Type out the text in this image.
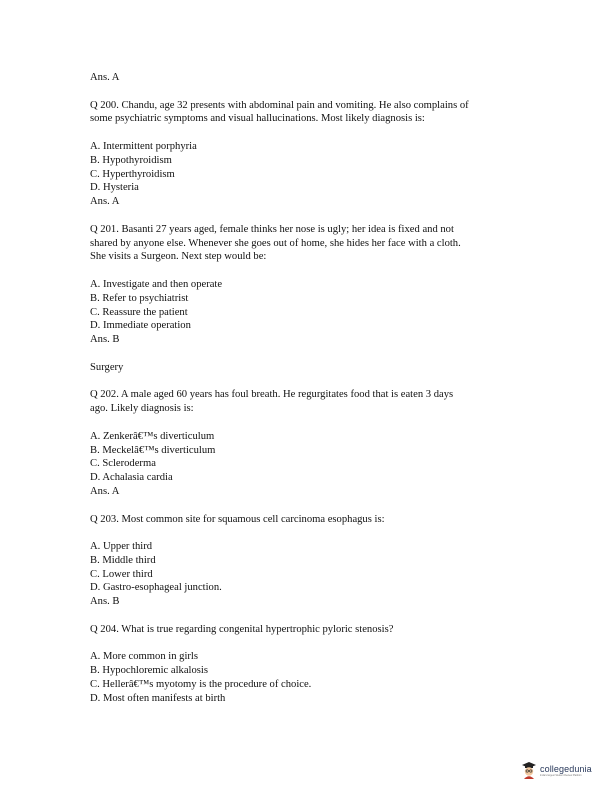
Ans. A
Q 200. Chandu, age 32 presents with abdominal pain and vomiting. He also complains of
some psychiatric symptoms and visual hallucinations. Most likely diagnosis is:
A. Intermittent porphyria
B. Hypothyroidism
C. Hyperthyroidism
D. Hysteria
Ans. A
Q 201. Basanti 27 years aged, female thinks her nose is ugly; her idea is fixed and not
shared by anyone else. Whenever she goes out of home, she hides her face with a cloth.
She visits a Surgeon. Next step would be:
A. Investigate and then operate
B. Refer to psychiatrist
C. Reassure the patient
D. Immediate operation
Ans. B
Surgery
Q 202. A male aged 60 years has foul breath. He regurgitates food that is eaten 3 days
ago. Likely diagnosis is:
A. Zenkerâ€™s diverticulum
B. Meckelâ€™s diverticulum
C. Scleroderma
D. Achalasia cardia
Ans. A
Q 203. Most common site for squamous cell carcinoma esophagus is:
A. Upper third
B. Middle third
C. Lower third
D. Gastro-esophageal junction.
Ans. B
Q 204. What is true regarding congenital hypertrophic pyloric stenosis?
A. More common in girls
B. Hypochloremic alkalosis
C. Hellerâ€™s myotomy is the procedure of choice.
D. Most often manifests at birth
collegedunia
India's largest Student Review Platform
